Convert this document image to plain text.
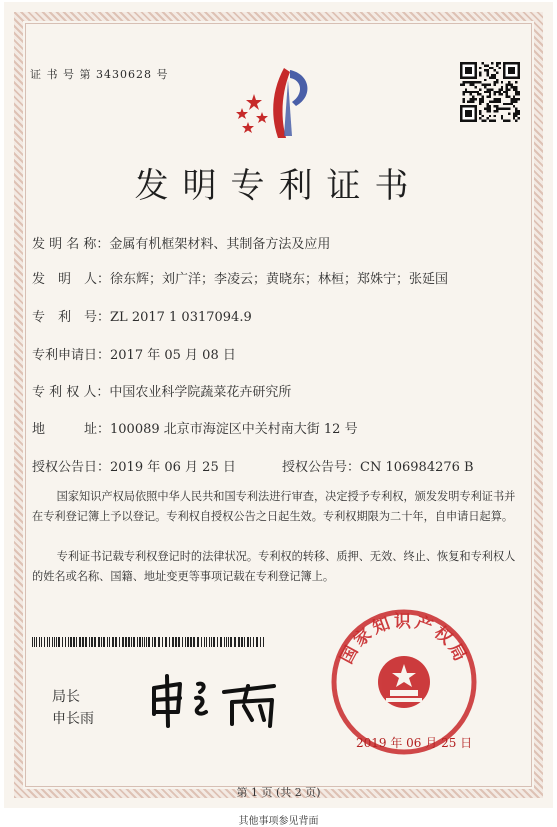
证 书 号 第 3430628 号
发明专利证书
发 明 名 称：金属有机框架材料、其制备方法及应用
发　明　人：徐东辉；刘广洋；李凌云；黄晓东；林桓；郑姝宁；张延国
专　利　号：ZL 2017 1 0317094.9
专利申请日：2017 年 05 月 08 日
专 利 权 人：中国农业科学院蔬菜花卉研究所
地　　　址：100089 北京市海淀区中关村南大街 12 号
授权公告日：2019 年 06 月 25 日	授权公告号：CN 106984276 B
国家知识产权局依照中华人民共和国专利法进行审查，决定授予专利权，颁发发明专利证书并在专利登记簿上予以登记。专利权自授权公告之日起生效。专利权期限为二十年，自申请日起算。
专利证书记载专利权登记时的法律状况。专利权的转移、质押、无效、终止、恢复和专利权人的姓名或名称、国籍、地址变更等事项记载在专利登记簿上。
局长
申长雨
国家知识产权局
2019 年 06 月 25 日
第 1 页 (共 2 页)
其他事项参见背面
